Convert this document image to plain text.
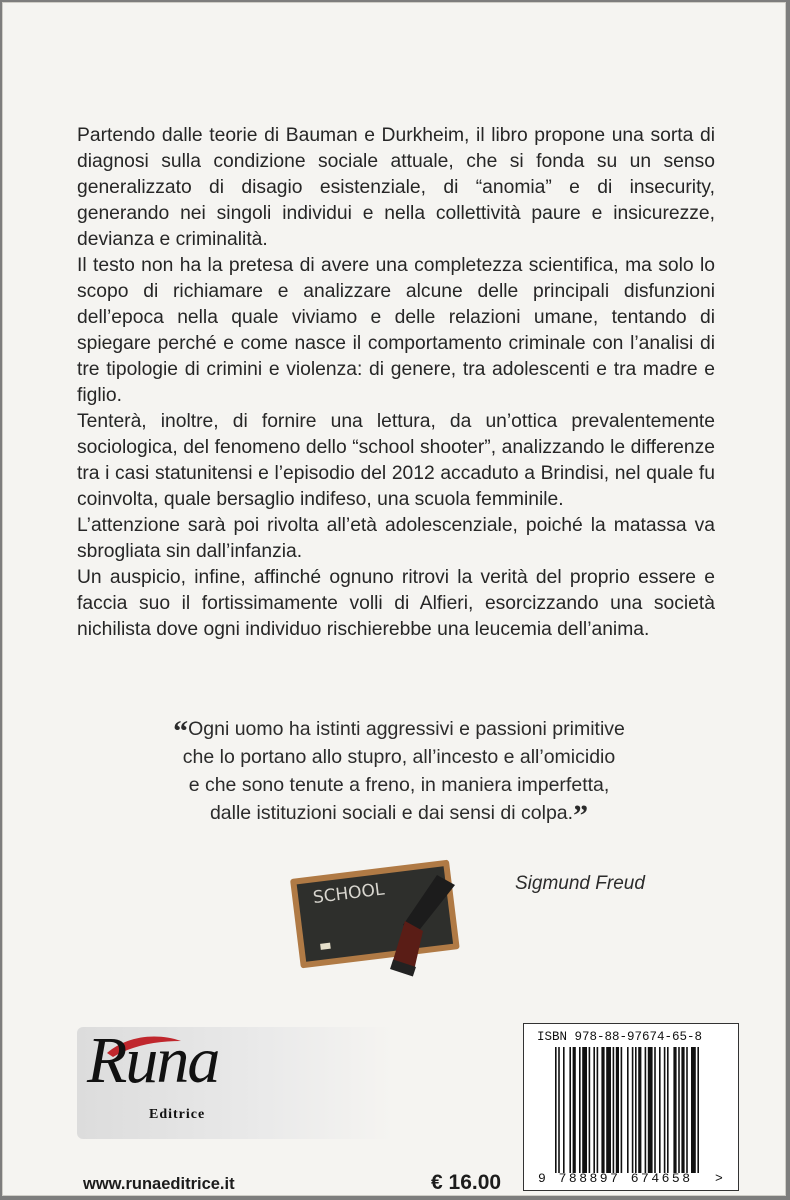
Partendo dalle teorie di Bauman e Durkheim, il libro propone una sorta di diagnosi sulla condizione sociale attuale, che si fonda su un senso generalizzato di disagio esistenziale, di “anomia” e di insecurity, generando nei singoli individui e nella collettività paure e insicurezze, devianza e criminalità.

Il testo non ha la pretesa di avere una completezza scientifica, ma solo lo scopo di richiamare e analizzare alcune delle principali disfunzioni dell’epoca nella quale viviamo e delle relazioni umane, tentando di spiegare perché e come nasce il comportamento criminale con l’analisi di tre tipologie di crimini e violenza: di genere, tra adolescenti e tra madre e figlio.

Tenterà, inoltre, di fornire una lettura, da un’ottica prevalentemente sociologica, del fenomeno dello “school shooter”, analizzando le differenze tra i casi statunitensi e l’episodio del 2012 accaduto a Brindisi, nel quale fu coinvolta, quale bersaglio indifeso, una scuola femminile.

L’attenzione sarà poi rivolta all’età adolescenziale, poiché la matassa va sbrogliata sin dall’infanzia.

Un auspicio, infine, affinché ognuno ritrovi la verità del proprio essere e faccia suo il fortissimamente volli di Alfieri, esorcizzando una società nichilista dove ogni individuo rischierebbe una leucemia dell’anima.

“Ogni uomo ha istinti aggressivi e passioni primitive
che lo portano allo stupro, all’incesto e all’omicidio
e che sono tenute a freno, in maniera imperfetta,
dalle istituzioni sociali e dai sensi di colpa.”
Sigmund Freud
SCHOOL
Runa
Editrice
www.runaeditrice.it	€ 16.00
ISBN 978-88-97674-65-8
9 788897 674658 >
